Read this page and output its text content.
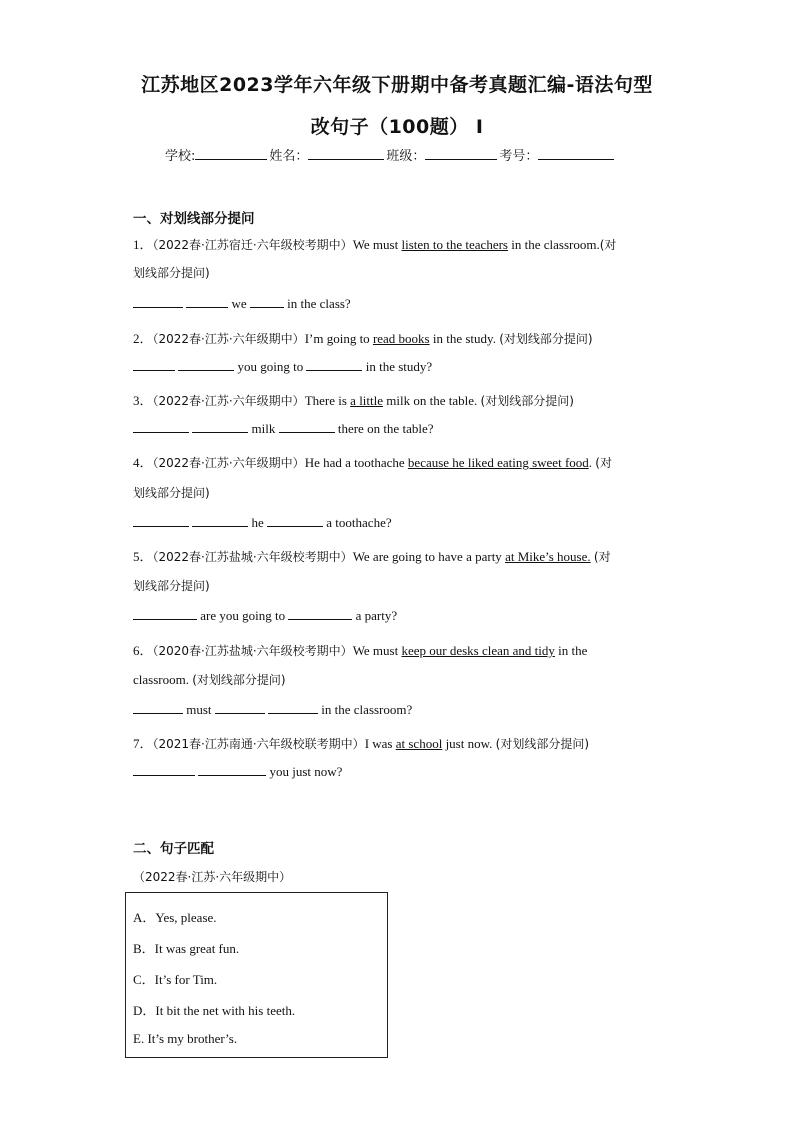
江苏地区2023学年六年级下册期中备考真题汇编-语法句型
改句子（100题） I
学校:	姓名：	班级：	考号：
一、对划线部分提问
1．（2022春·江苏宿迁·六年级校考期中）We must listen to the teachers in the classroom.(对
划线部分提问)
we	in the class?
2．（2022春·江苏·六年级期中）I’m going to read books in the study. (对划线部分提问)
you going to	in the study?
3．（2022春·江苏·六年级期中）There is a little milk on the table. (对划线部分提问)
milk	there on the table?
4．（2022春·江苏·六年级期中）He had a toothache because he liked eating sweet food. (对
划线部分提问)
he	a toothache?
5．（2022春·江苏盐城·六年级校考期中）We are going to have a party at Mike’s house. (对
划线部分提问)
are you going to	a party?
6．（2020春·江苏盐城·六年级校考期中）We must keep our desks clean and tidy in the
classroom. (对划线部分提问)
must	in the classroom?
7．（2021春·江苏南通·六年级校联考期中）I was at school just now. (对划线部分提问)
you just now?
二、句子匹配
（2022春·江苏·六年级期中）
A．Yes, please.
B．It was great fun.
C．It’s for Tim.
D．It bit the net with his teeth.
E. It’s my brother’s.
